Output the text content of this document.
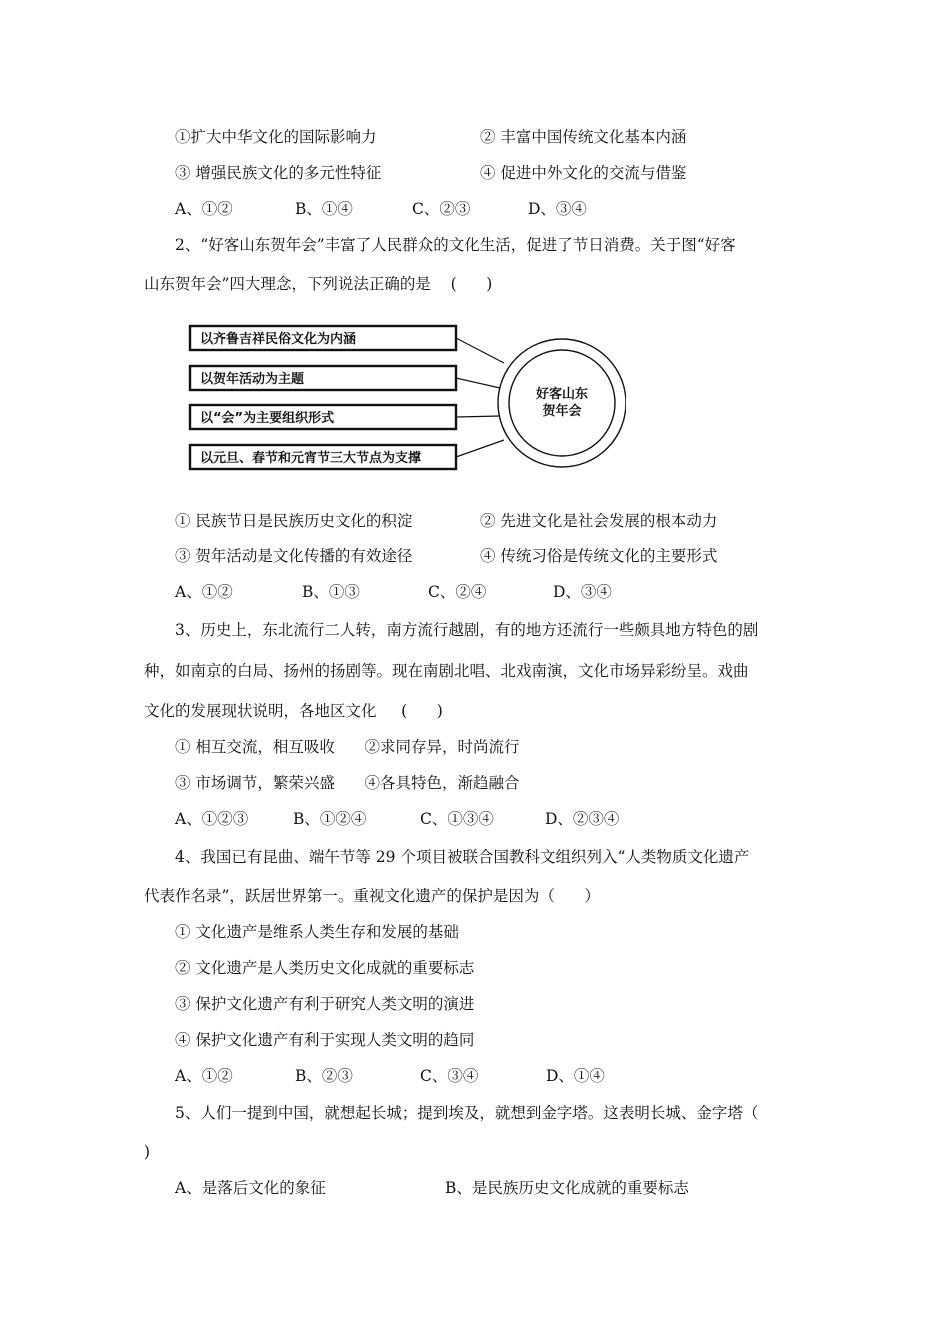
①扩大中华文化的国际影响力	② 丰富中国传统文化基本内涵
③ 增强民族文化的多元性特征	④ 促进中外文化的交流与借鉴
A、①②	B、①④	C、②③	D、③④
2、“好客山东贺年会”丰富了人民群众的文化生活，促进了节日消费。关于图“好客
山东贺年会”四大理念，下列说法正确的是    (      )
以齐鲁吉祥民俗文化为内涵
以贺年活动为主题
以“会”为主要组织形式
以元旦、春节和元宵节三大节点为支撑
好客山东
贺年会
① 民族节日是民族历史文化的积淀	② 先进文化是社会发展的根本动力
③ 贺年活动是文化传播的有效途径	④ 传统习俗是传统文化的主要形式
A、①②	B、①③	C、②④	D、③④
3、历史上，东北流行二人转，南方流行越剧，有的地方还流行一些颇具地方特色的剧
种，如南京的白局、扬州的扬剧等。现在南剧北唱、北戏南演，文化市场异彩纷呈。戏曲
文化的发展现状说明，各地区文化     (      )
① 相互交流，相互吸收      ②求同存异，时尚流行
③ 市场调节，繁荣兴盛      ④各具特色，渐趋融合
A、①②③	B、①②④	C、①③④	D、②③④
4、我国已有昆曲、端午节等 29 个项目被联合国教科文组织列入“人类物质文化遗产
代表作名录”，跃居世界第一。重视文化遗产的保护是因为（      ）
① 文化遗产是维系人类生存和发展的基础
② 文化遗产是人类历史文化成就的重要标志
③ 保护文化遗产有利于研究人类文明的演进
④ 保护文化遗产有利于实现人类文明的趋同
A、①②	B、②③	C、③④	D、①④
5、人们一提到中国，就想起长城；提到埃及，就想到金字塔。这表明长城、金字塔（
)
A、是落后文化的象征	B、是民族历史文化成就的重要标志
